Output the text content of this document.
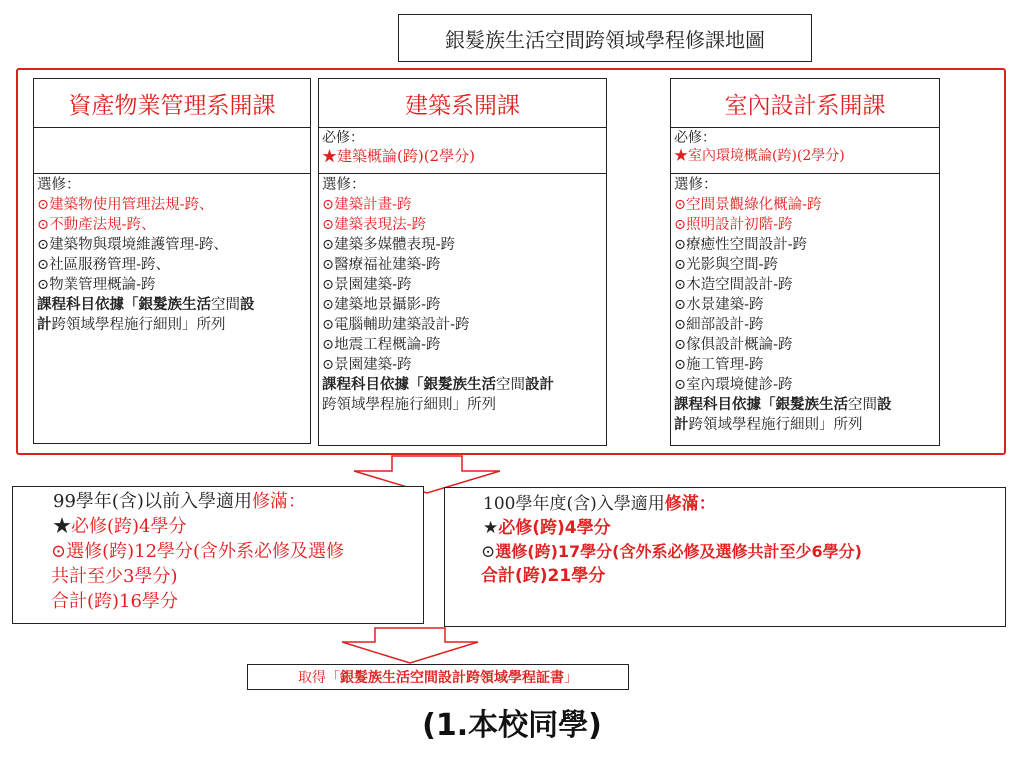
銀髮族生活空間跨領域學程修課地圖
資產物業管理系開課
選修：
⊙建築物使用管理法規-跨、
⊙不動產法規-跨、
⊙建築物與環境維護管理-跨、
⊙社區服務管理-跨、
⊙物業管理概論-跨
課程科目依據「銀髮族生活空間設
計跨領域學程施行細則」所列
建築系開課
必修：
★建築概論(跨)(2學分)
選修：
⊙建築計畫-跨
⊙建築表現法-跨
⊙建築多媒體表現-跨
⊙醫療福祉建築-跨
⊙景園建築-跨
⊙建築地景攝影-跨
⊙電腦輔助建築設計-跨
⊙地震工程概論-跨
⊙景園建築-跨
課程科目依據「銀髮族生活空間設計
跨領域學程施行細則」所列
室內設計系開課
必修：
★室內環境概論(跨)(2學分)
選修：
⊙空間景觀綠化概論-跨
⊙照明設計初階-跨
⊙療癒性空間設計-跨
⊙光影與空間-跨
⊙木造空間設計-跨
⊙水景建築-跨
⊙細部設計-跨
⊙傢俱設計概論-跨
⊙施工管理-跨
⊙室內環境健診-跨
課程科目依據「銀髮族生活空間設
計跨領域學程施行細則」所列
99學年(含)以前入學適用修滿：
★必修(跨)4學分
⊙選修(跨)12學分(含外系必修及選修
共計至少3學分)
合計(跨)16學分
100學年度(含)入學適用修滿：
★必修(跨)4學分
⊙選修(跨)17學分(含外系必修及選修共計至少6學分)
合計(跨)21學分
取得「 銀髮族生活空間設計跨領域學程証書 」
(1.本校同學)
